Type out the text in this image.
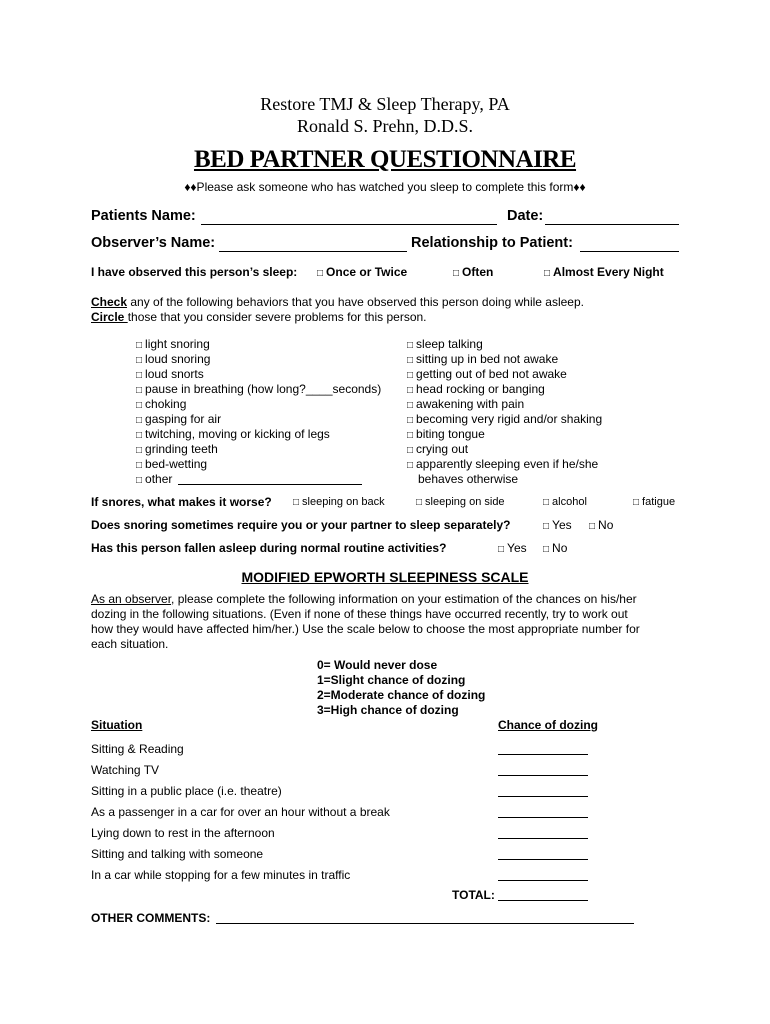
Restore TMJ & Sleep Therapy, PA
Ronald S. Prehn, D.D.S.
BED PARTNER QUESTIONNAIRE
♦♦Please ask someone who has watched you sleep to complete this form♦♦
Patients Name:	Date:
Observer’s Name:	Relationship to Patient:
I have observed this person’s sleep: □ Once or Twice	□ Often	□ Almost Every Night
Check any of the following behaviors that you have observed this person doing while asleep.
Circle those that you consider severe problems for this person.
□ light snoring
□ loud snoring
□ loud snorts
□ pause in breathing (how long?____seconds)
□ choking
□ gasping for air
□ twitching, moving or kicking of legs
□ grinding teeth
□ bed-wetting
□ other
□ sleep talking
□ sitting up in bed not awake
□ getting out of bed not awake
□ head rocking or banging
□ awakening with pain
□ becoming very rigid and/or shaking
□ biting tongue
□ crying out
□ apparently sleeping even if he/she
behaves otherwise
If snores, what makes it worse? □ sleeping on back	□ sleeping on side	□ alcohol	□ fatigue
Does snoring sometimes require you or your partner to sleep separately?	□ Yes □ No
Has this person fallen asleep during normal routine activities?	□ Yes □ No
MODIFIED EPWORTH SLEEPINESS SCALE
As an observer, please complete the following information on your estimation of the chances on his/her
dozing in the following situations. (Even if none of these things have occurred recently, try to work out
how they would have affected him/her.) Use the scale below to choose the most appropriate number for
each situation.
0= Would never dose
1=Slight chance of dozing
2=Moderate chance of dozing
3=High chance of dozing
Situation	Chance of dozing
Sitting & Reading
Watching TV
Sitting in a public place (i.e. theatre)
As a passenger in a car for over an hour without a break
Lying down to rest in the afternoon
Sitting and talking with someone
In a car while stopping for a few minutes in traffic
TOTAL:
OTHER COMMENTS:
